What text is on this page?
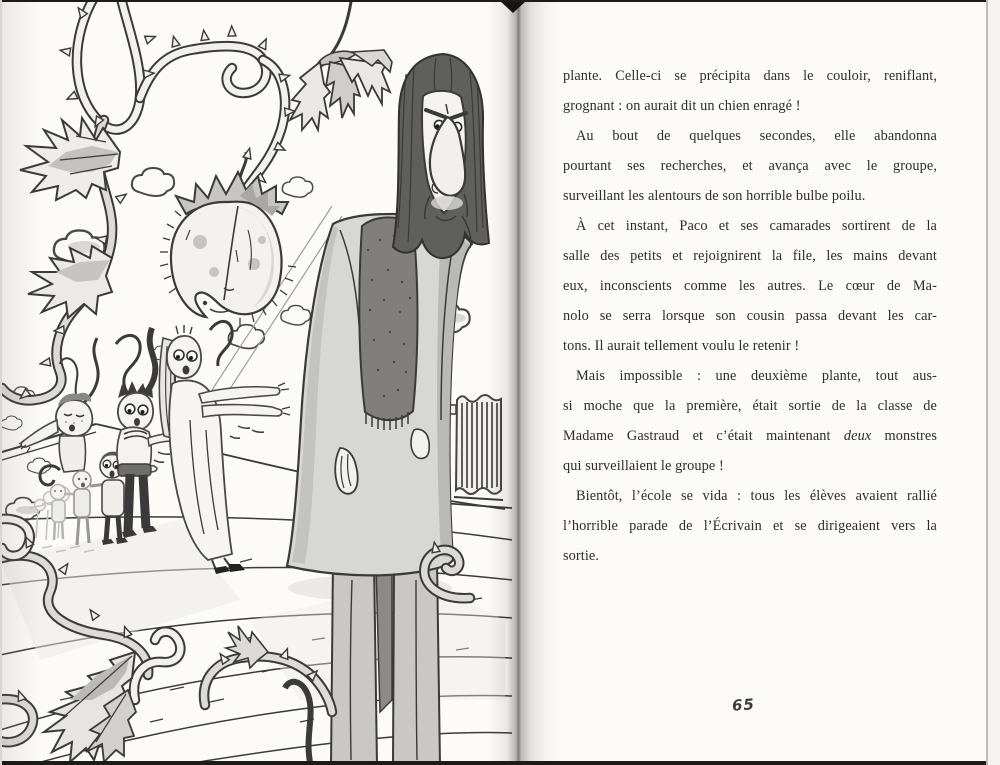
plante. Celle-ci se précipita dans le couloir, reniflant,
grognant : on aurait dit un chien enragé !
Au bout de quelques secondes, elle abandonna
pourtant ses recherches, et avança avec le groupe,
surveillant les alentours de son horrible bulbe poilu.
À cet instant, Paco et ses camarades sortirent de la
salle des petits et rejoignirent la file, les mains devant
eux, inconscients comme les autres. Le cœur de Ma-
nolo se serra lorsque son cousin passa devant les car-
tons. Il aurait tellement voulu le retenir !
Mais impossible : une deuxième plante, tout aus-
si moche que la première, était sortie de la classe de
Madame Gastraud et c’était maintenant deux monstres
qui surveillaient le groupe !
Bientôt, l’école se vida : tous les élèves avaient rallié
l’horrible parade de l’Écrivain et se dirigeaient vers la
sortie.
65
